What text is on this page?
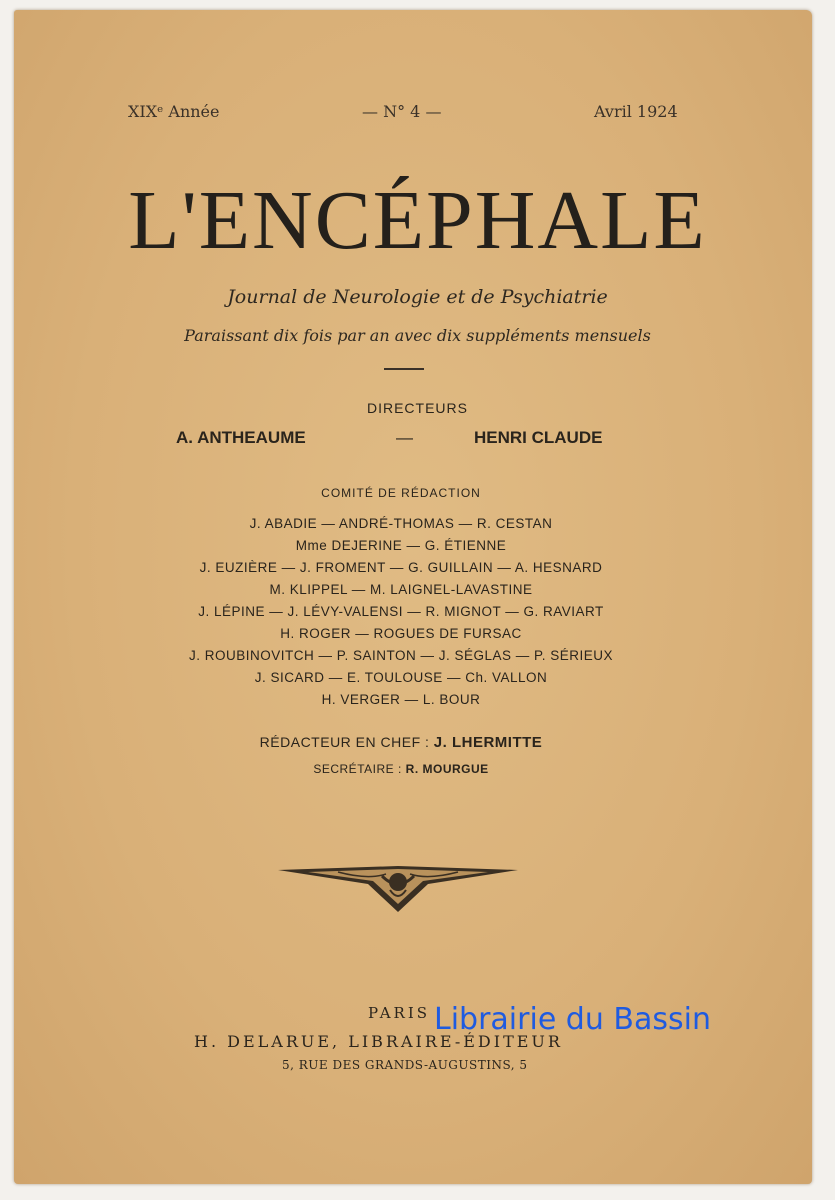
XIXᵉ Année	— N° 4 —	Avril 1924
L'ENCÉPHALE
Journal de Neurologie et de Psychiatrie
Paraissant dix fois par an avec dix suppléments mensuels
DIRECTEURS
A. ANTHEAUME	—	HENRI CLAUDE
COMITÉ DE RÉDACTION
J. ABADIE — ANDRÉ-THOMAS — R. CESTAN
Mme DEJERINE — G. ÉTIENNE
J. EUZIÈRE — J. FROMENT — G. GUILLAIN — A. HESNARD
M. KLIPPEL — M. LAIGNEL-LAVASTINE
J. LÉPINE — J. LÉVY-VALENSI — R. MIGNOT — G. RAVIART
H. ROGER — ROGUES DE FURSAC
J. ROUBINOVITCH — P. SAINTON — J. SÉGLAS — P. SÉRIEUX
J. SICARD — E. TOULOUSE — Ch. VALLON
H. VERGER — L. BOUR
RÉDACTEUR EN CHEF : J. LHERMITTE
SECRÉTAIRE : R. MOURGUE
PARIS
H. DELARUE, LIBRAIRE-ÉDITEUR
5, RUE DES GRANDS-AUGUSTINS, 5
Librairie du Bassin
